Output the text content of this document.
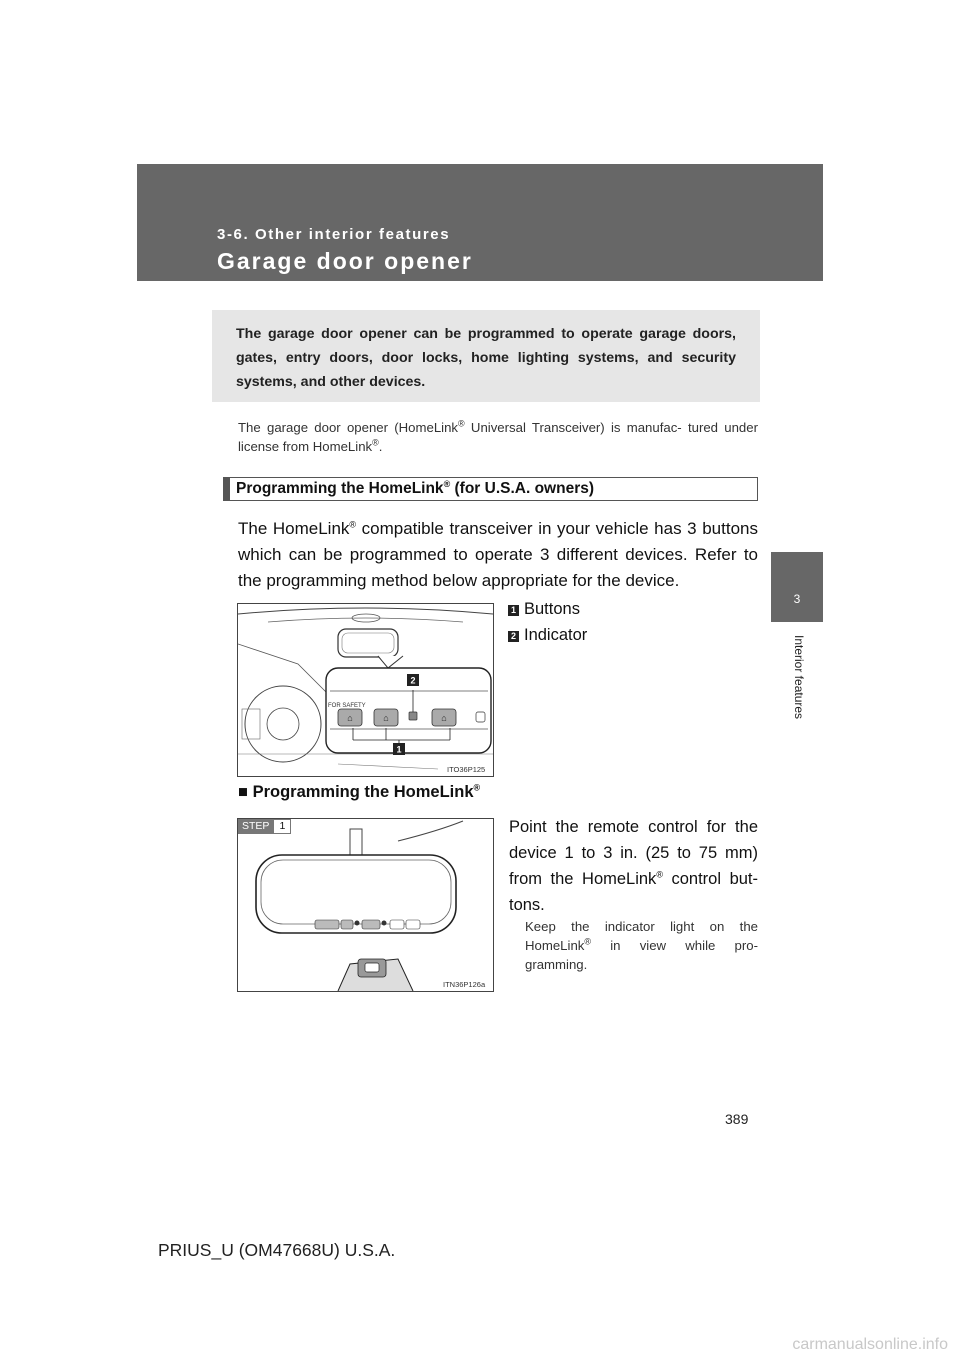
3-6. Other interior features
Garage door opener
3
Interior features

The garage door opener can be programmed to operate garage doors, gates, entry doors, door locks, home lighting systems, and security systems, and other devices.

The garage door opener (HomeLink® Universal Transceiver) is manufac- tured under license from HomeLink®.
Programming the HomeLink® (for U.S.A. owners)
The HomeLink® compatible transceiver in your vehicle has 3 buttons which can be programmed to operate 3 different devices. Refer to the programming method below appropriate for the device.
FOR SAFETY
⌂	⌂	⌂
2
1
ITO36P125
1 Buttons
2 Indicator
■ Programming the HomeLink®
STEP 1
ITN36P126a
Point the remote control for the device 1 to 3 in. (25 to 75 mm) from the HomeLink® control but- tons.
Keep the indicator light on the HomeLink® in view while pro- gramming.
389
PRIUS_U (OM47668U) U.S.A.
carmanualsonline.info
